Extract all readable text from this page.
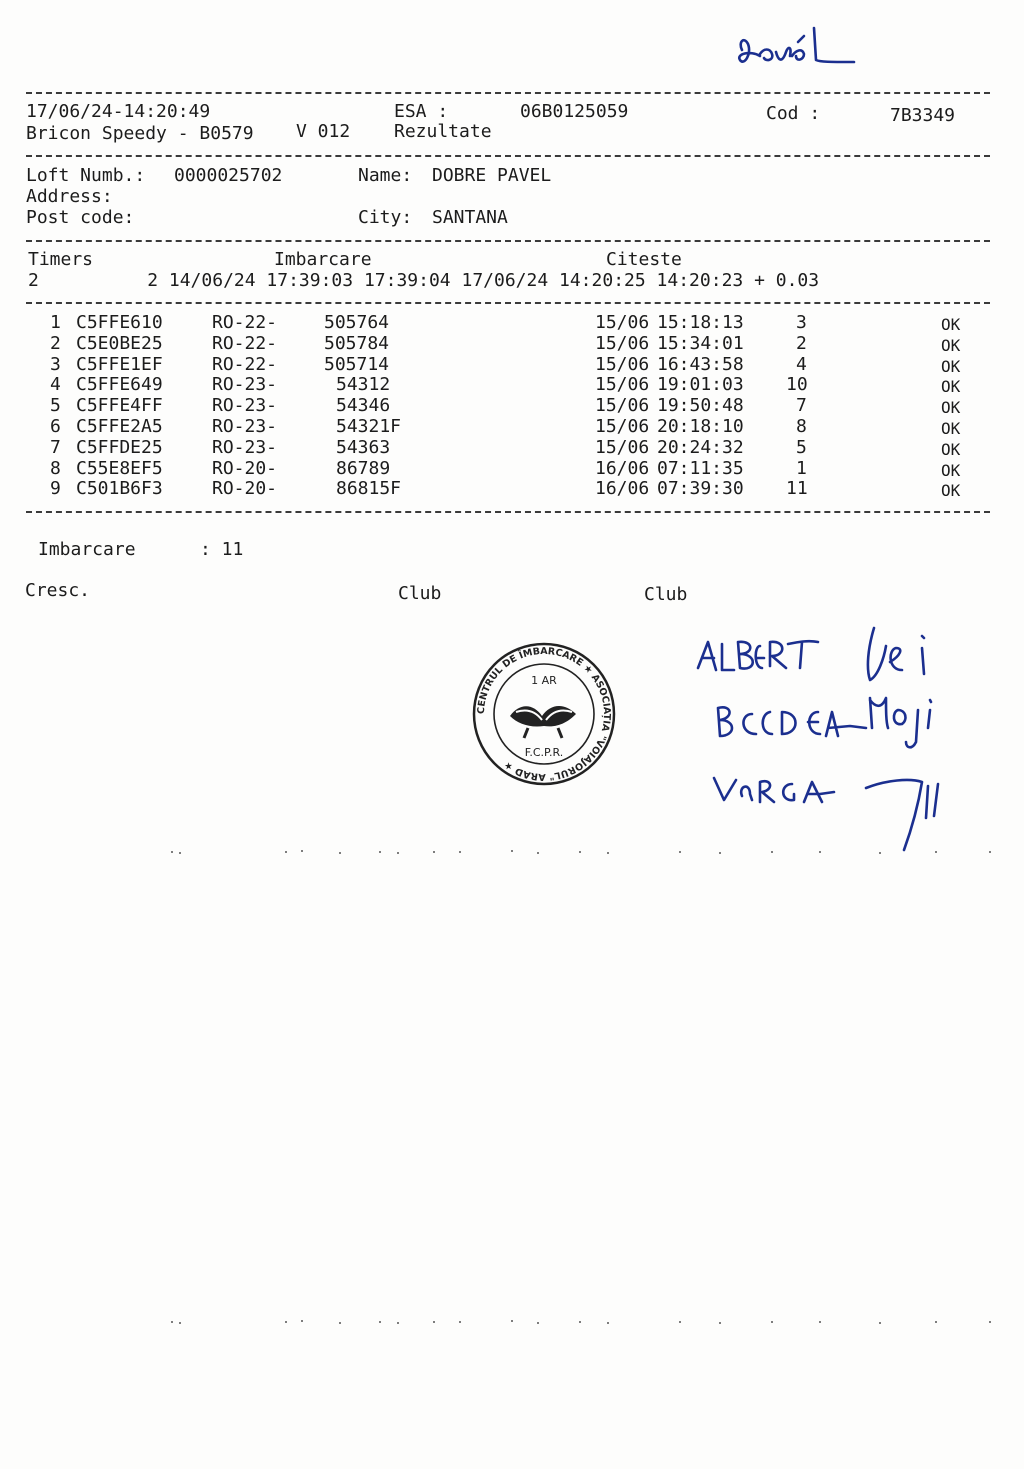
17/06/24-14:20:49	ESA :	06B0125059	Cod :	7B3349
Bricon Speedy - B0579 V 012 Rezultate
Loft Numb.: 0000025702	Name: DOBRE PAVEL
Address:
Post code:	City: SANTANA
Timers	Imbarcare	Citeste
2          2 14/06/24 17:39:03 17:39:04 17/06/24 14:20:25 14:20:23 + 0.03
1 C5FFE610	RO-22-	505764	15/06 15:18:13	3	OK
2 C5E0BE25	RO-22-	505784	15/06 15:34:01	2	OK
3 C5FFE1EF	RO-22-	505714	15/06 16:43:58	4	OK
4 C5FFE649	RO-23-	54312	15/06 19:01:03 10	OK
5 C5FFE4FF	RO-23-	54346	15/06 19:50:48	7	OK
6 C5FFE2A5	RO-23-	54321F	15/06 20:18:10	8	OK
7 C5FFDE25	RO-23-	54363	15/06 20:24:32	5	OK
8 C55E8EF5	RO-20-	86789	16/06 07:11:35	1	OK
9 C501B6F3	RO-20-	86815F	16/06 07:39:30 11	OK
Imbarcare	: 11
Cresc.	Club	Club
CENTRUL DE ÎMBARCARE ★ ASOCIAȚIA "VOIAJORUL" ARAD ★
1 AR
F.C.P.R.
